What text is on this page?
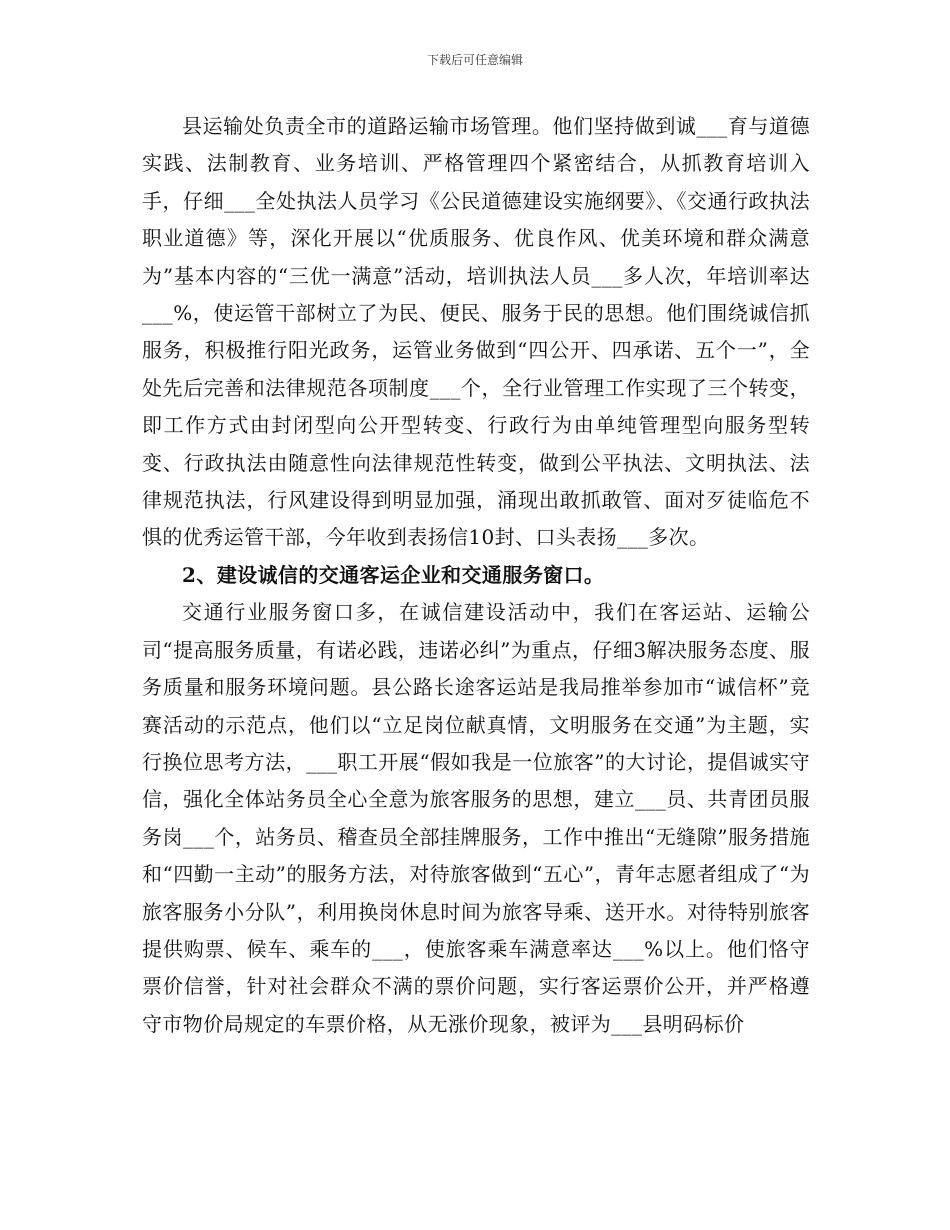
下载后可任意编辑

县运输处负责全市的道路运输市场管理。他们坚持做到诚___育与道德实践、法制教育、业务培训、严格管理四个紧密结合，从抓教育培训入手，仔细___全处执法人员学习《公民道德建设实施纲要》、《交通行政执法职业道德》等，深化开展以“优质服务、优良作风、优美环境和群众满意为”基本内容的“三优一满意”活动，培训执法人员___多人次，年培训率达___%，使运管干部树立了为民、便民、服务于民的思想。他们围绕诚信抓服务，积极推行阳光政务，运管业务做到“四公开、四承诺、五个一”，全处先后完善和法律规范各项制度___个，全行业管理工作实现了三个转变，即工作方式由封闭型向公开型转变、行政行为由单纯管理型向服务型转变、行政执法由随意性向法律规范性转变，做到公平执法、文明执法、法律规范执法，行风建设得到明显加强，涌现出敢抓敢管、面对歹徒临危不惧的优秀运管干部，今年收到表扬信10封、口头表扬___多次。

2、建设诚信的交通客运企业和交通服务窗口。

交通行业服务窗口多，在诚信建设活动中，我们在客运站、运输公司“提高服务质量，有诺必践，违诺必纠”为重点，仔细3解决服务态度、服务质量和服务环境问题。县公路长途客运站是我局推举参加市“诚信杯”竞赛活动的示范点，他们以“立足岗位献真情，文明服务在交通”为主题，实行换位思考方法，___职工开展“假如我是一位旅客”的大讨论，提倡诚实守信，强化全体站务员全心全意为旅客服务的思想，建立___员、共青团员服务岗___个，站务员、稽查员全部挂牌服务，工作中推出“无缝隙”服务措施和“四勤一主动”的服务方法，对待旅客做到“五心”，青年志愿者组成了“为旅客服务小分队”，利用换岗休息时间为旅客导乘、送开水。对待特别旅客提供购票、候车、乘车的___，使旅客乘车满意率达___%以上。他们恪守票价信誉，针对社会群众不满的票价问题，实行客运票价公开，并严格遵守市物价局规定的车票价格，从无涨价现象，被评为___县明码标价
